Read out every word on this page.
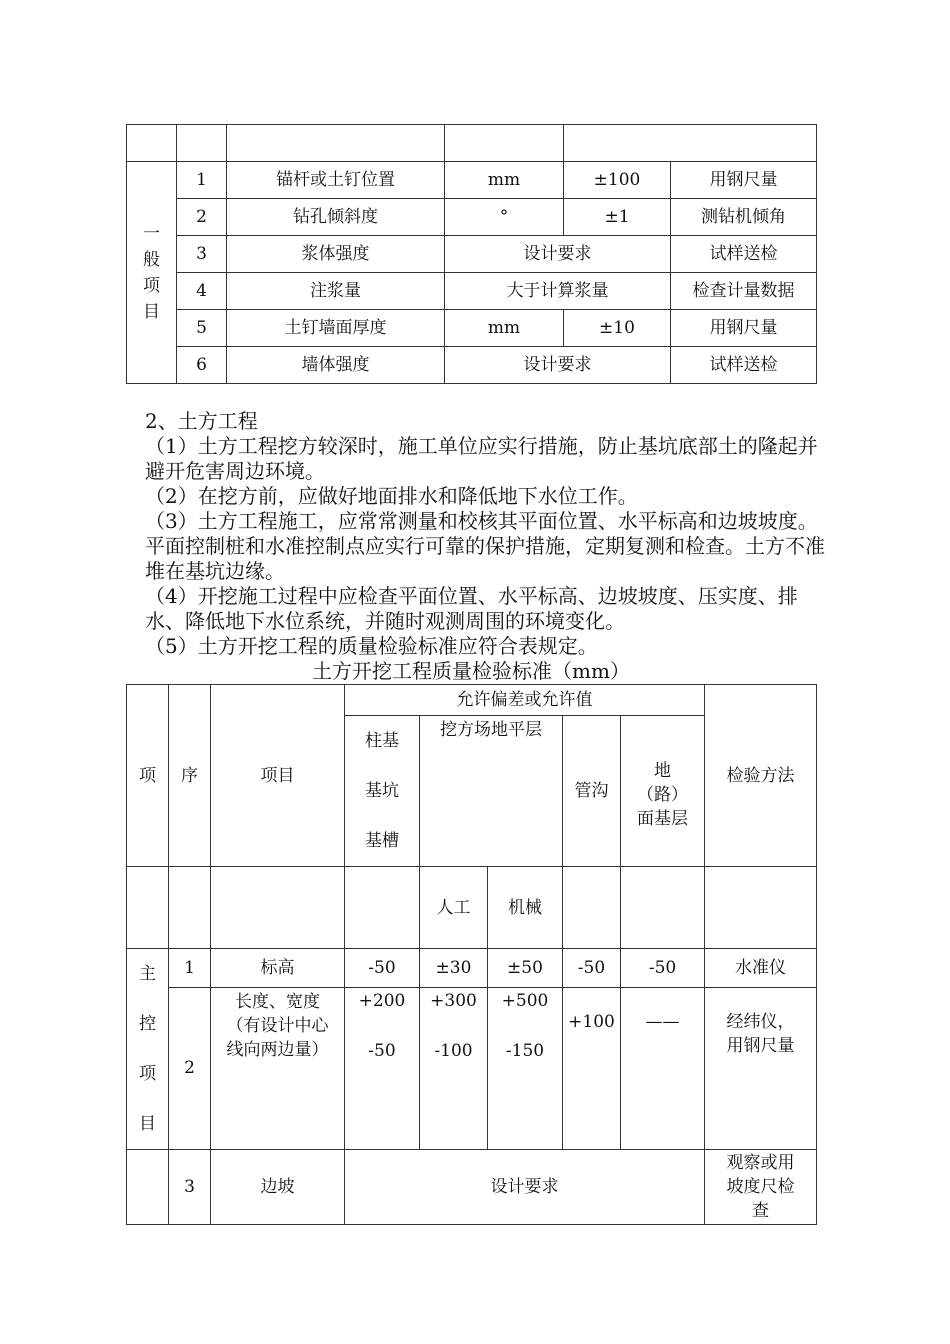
一
般
项
目	1	锚杆或土钉位置	mm	±100	用钢尺量
	2	钻孔倾斜度	°	±1	测钻机倾角
	3	浆体强度	设计要求		试样送检
	4	注浆量	大于计算浆量		检查计量数据
	5	土钉墙面厚度	mm	±10	用钢尺量
	6	墙体强度	设计要求		试样送检
2、土方工程
（1）土方工程挖方较深时，施工单位应实行措施，防止基坑底部土的隆起并避开危害周边环境。
（2）在挖方前，应做好地面排水和降低地下水位工作。
（3）土方工程施工，应常常测量和校核其平面位置、水平标高和边坡坡度。平面控制桩和水准控制点应实行可靠的保护措施，定期复测和检查。土方不准堆在基坑边缘。
（4）开挖施工过程中应检查平面位置、水平标高、边坡坡度、压实度、排水、降低地下水位系统，并随时观测周围的环境变化。
（5）土方开挖工程的质量检验标准应符合表规定。
土方开挖工程质量检验标准（mm）
项	序	项目	允许偏差或允许值					检验方法

			柱基
基坑
基槽	挖方场地平层		管沟	地
（路）
面基层	

				人工	机械			

主
控
项
目	1	标高	-50	±30	±50	-50	-50	水准仪
	2	长度、宽度
（有设计中心
线向两边量）	+200
-50	+300
-100	+500
-150	+100	——	经纬仪，
用钢尺量

	3	边坡	设计要求					观察或用
坡度尺检
查
